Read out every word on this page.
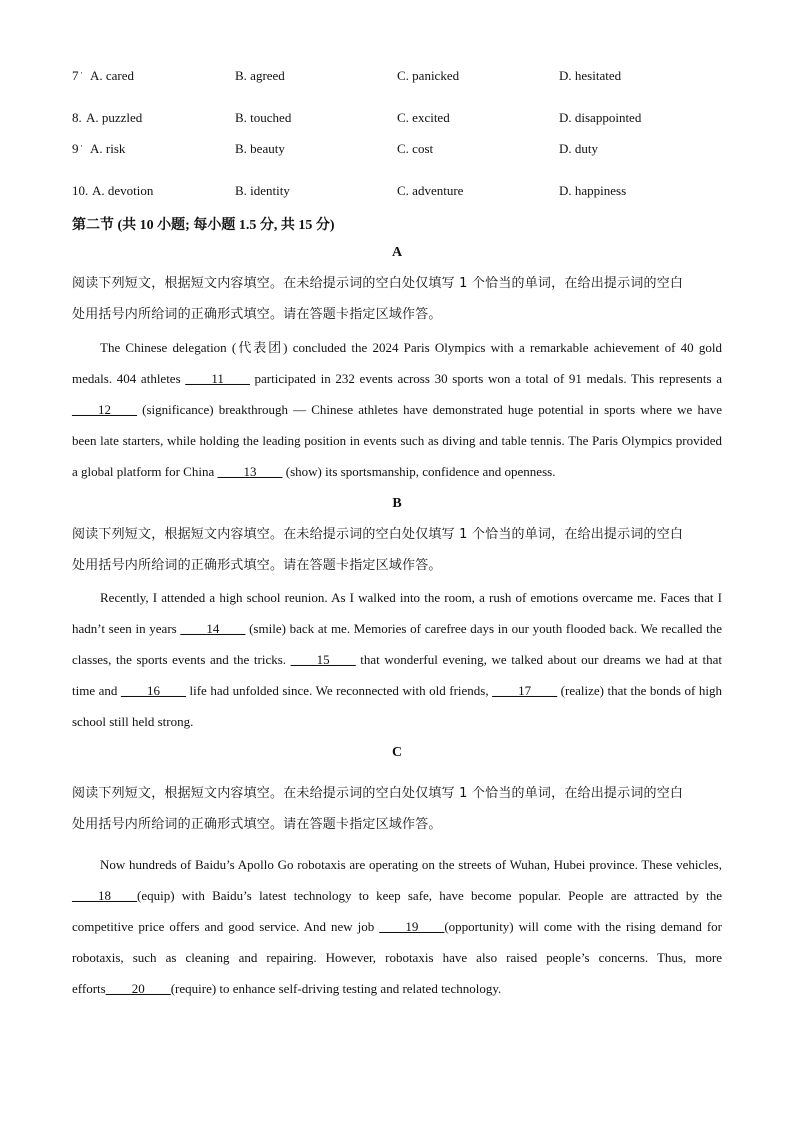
7 · A. cared	B. agreed	C. panicked	D. hesitated
8. A. puzzled	B. touched	C. excited	D. disappointed
9 · A. risk	B. beauty	C. cost	D. duty
10. A. devotion	B. identity	C. adventure	D. happiness
第二节 (共 10 小题; 每小题 1.5 分, 共 15 分)
A
阅读下列短文，根据短文内容填空。在未给提示词的空白处仅填写 1 个恰当的单词，在给出提示词的空白
处用括号内所给词的正确形式填空。请在答题卡指定区域作答。
The Chinese delegation (代表团) concluded the 2024 Paris Olympics with a remarkable achievement of 40 gold medals. 404 athletes ____11____ participated in 232 events across 30 sports won a total of 91 medals. This represents a ____12____ (significance) breakthrough — Chinese athletes have demonstrated huge potential in sports where we have been late starters, while holding the leading position in events such as diving and table tennis. The Paris Olympics provided a global platform for China ____13____ (show) its sportsmanship, confidence and openness.
B
阅读下列短文，根据短文内容填空。在未给提示词的空白处仅填写 1 个恰当的单词，在给出提示词的空白
处用括号内所给词的正确形式填空。请在答题卡指定区域作答。
Recently, I attended a high school reunion. As I walked into the room, a rush of emotions overcame me. Faces that I hadn’t seen in years ____14____ (smile) back at me. Memories of carefree days in our youth flooded back. We recalled the classes, the sports events and the tricks. ____15____ that wonderful evening, we talked about our dreams we had at that time and ____16____ life had unfolded since. We reconnected with old friends, ____17____ (realize) that the bonds of high school still held strong.
C
阅读下列短文，根据短文内容填空。在未给提示词的空白处仅填写 1 个恰当的单词，在给出提示词的空白
处用括号内所给词的正确形式填空。请在答题卡指定区域作答。
Now hundreds of Baidu’s Apollo Go robotaxis are operating on the streets of Wuhan, Hubei province. These vehicles, ____18____(equip) with Baidu’s latest technology to keep safe, have become popular. People are attracted by the competitive price offers and good service. And new job ____19____(opportunity) will come with the rising demand for robotaxis, such as cleaning and repairing. However, robotaxis have also raised people’s concerns. Thus, more efforts____20____(require) to enhance self-driving testing and related technology.
